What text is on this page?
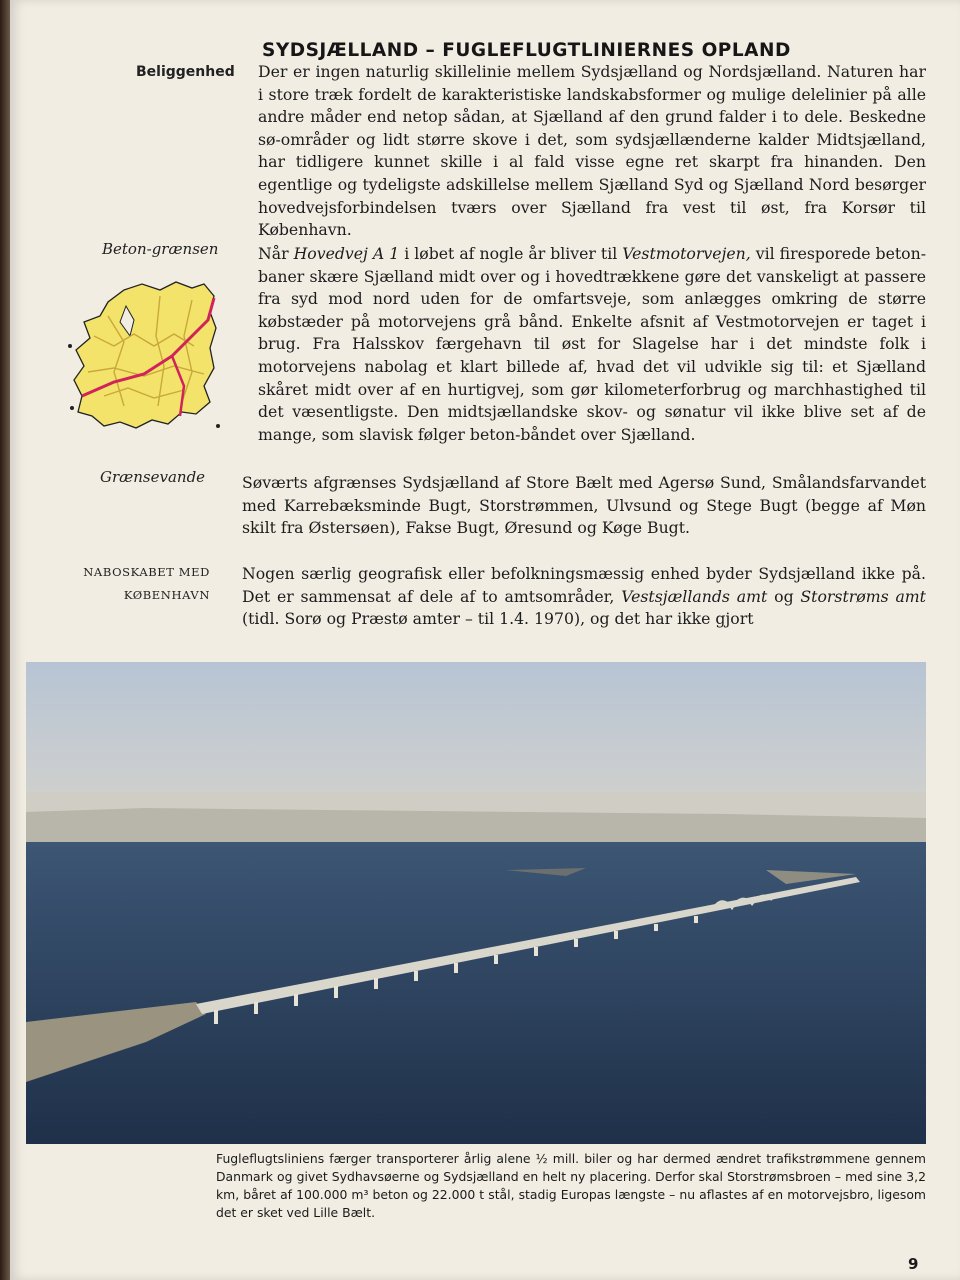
SYDSJÆLLAND – FUGLEFLUGTLINIERNES OPLAND
Beliggenhed
Beton-grænsen
Grænsevande
NABOSKABET MED
KØBENHAVN

Der er ingen naturlig skillelinie mellem Sydsjælland og Nordsjælland. Naturen har i store træk fordelt de karakteristiske landskabsformer og mulige delelinier på alle andre måder end netop sådan, at Sjælland af den grund falder i to dele. Beskedne sø-områder og lidt større skove i det, som sydsjællænderne kalder Midtsjælland, har tidligere kunnet skille i al fald visse egne ret skarpt fra hinanden. Den egentlige og tydeligste adskillelse mellem Sjælland Syd og Sjælland Nord besørger hovedvejsforbindelsen tværs over Sjælland fra vest til øst, fra Korsør til København.

Når Hovedvej A 1 i løbet af nogle år bliver til Vestmotorvejen, vil firesporede beton-baner skære Sjælland midt over og i hovedtrækkene gøre det vanskeligt at passere fra syd mod nord uden for de omfartsveje, som anlægges omkring de større købstæder på motorvejens grå bånd. Enkelte afsnit af Vestmotorvejen er taget i brug. Fra Halsskov færgehavn til øst for Slagelse har i det mindste folk i motorvejens nabolag et klart billede af, hvad det vil udvikle sig til: et Sjælland skåret midt over af en hurtigvej, som gør kilometerforbrug og marchhastighed til det væsentligste. Den midtsjællandske skov- og sønatur vil ikke blive set af de mange, som slavisk følger beton-båndet over Sjælland.

Søværts afgrænses Sydsjælland af Store Bælt med Agersø Sund, Smålandsfarvandet med Karrebæksminde Bugt, Storstrømmen, Ulvsund og Stege Bugt (begge af Møn skilt fra Østersøen), Fakse Bugt, Øresund og Køge Bugt.

Nogen særlig geografisk eller befolkningsmæssig enhed byder Sydsjælland ikke på. Det er sammensat af dele af to amtsområder, Vestsjællands amt og Storstrøms amt (tidl. Sorø og Præstø amter – til 1.4. 1970), og det har ikke gjort

Fugleflugtsliniens færger transporterer årlig alene ½ mill. biler og har dermed ændret trafikstrømmene gennem Danmark og givet Sydhavsøerne og Sydsjælland en helt ny placering. Derfor skal Storstrømsbroen – med sine 3,2 km, båret af 100.000 m³ beton og 22.000 t stål, stadig Europas længste – nu aflastes af en motorvejsbro, ligesom det er sket ved Lille Bælt.

9
